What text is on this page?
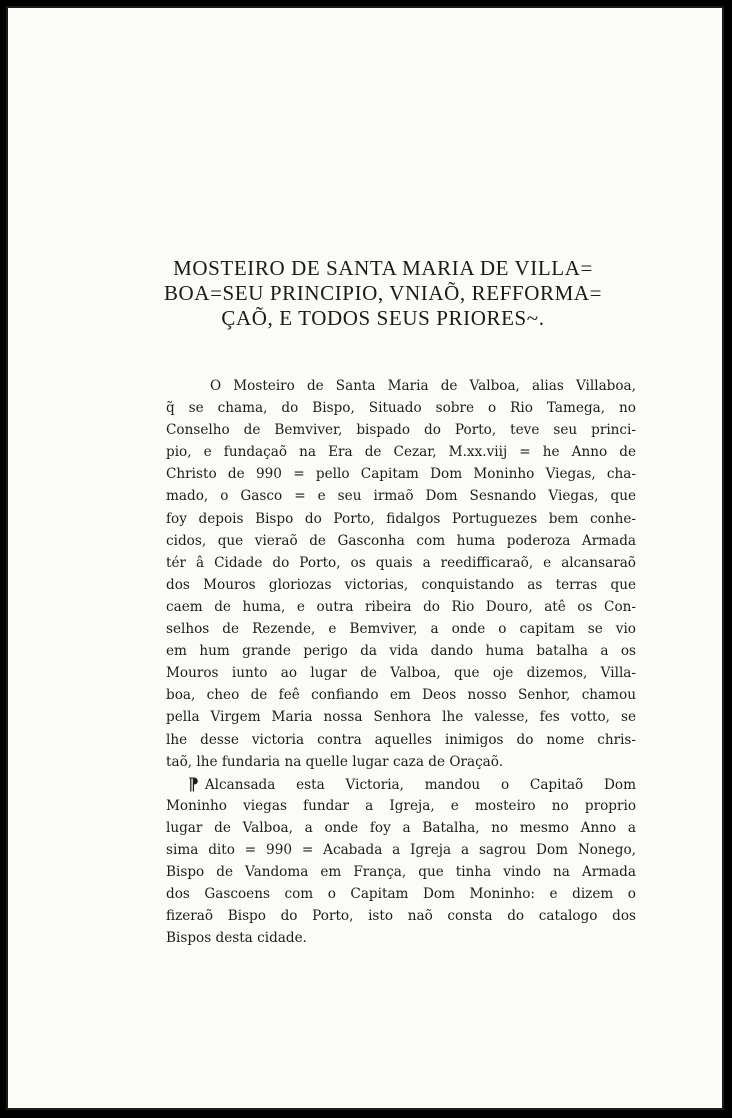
MOSTEIRO DE SANTA MARIA DE VILLA=
BOA=SEU PRINCIPIO, VNIAÕ, REFFORMA=
ÇAÕ, E TODOS SEUS PRIORES~.
O Mosteiro de Santa Maria de Valboa, alias Villaboa,
q̃ se chama, do Bispo, Situado sobre o Rio Tamega, no
Conselho de Bemviver, bispado do Porto, teve seu princi-
pio, e fundaçaõ na Era de Cezar, M.xx.viij = he Anno de
Christo de 990 = pello Capitam Dom Moninho Viegas, cha-
mado, o Gasco = e seu irmaõ Dom Sesnando Viegas, que
foy depois Bispo do Porto, fidalgos Portuguezes bem conhe-
cidos, que vieraõ de Gasconha com huma poderoza Armada
tér â Cidade do Porto, os quais a reedifficaraõ, e alcansaraõ
dos Mouros gloriozas victorias, conquistando as terras que
caem de huma, e outra ribeira do Rio Douro, atê os Con-
selhos de Rezende, e Bemviver, a onde o capitam se vio
em hum grande perigo da vida dando huma batalha a os
Mouros iunto ao lugar de Valboa, que oje dizemos, Villa-
boa, cheo de feê confiando em Deos nosso Senhor, chamou
pella Virgem Maria nossa Senhora lhe valesse, fes votto, se
lhe desse victoria contra aquelles inimigos do nome chris-
taõ, lhe fundaria na quelle lugar caza de Oraçaõ.
⁋ Alcansada esta Victoria, mandou o Capitaõ Dom
Moninho viegas fundar a Igreja, e mosteiro no proprio
lugar de Valboa, a onde foy a Batalha, no mesmo Anno a
sima dito = 990 = Acabada a Igreja a sagrou Dom Nonego,
Bispo de Vandoma em França, que tinha vindo na Armada
dos Gascoens com o Capitam Dom Moninho: e dizem o
fizeraõ Bispo do Porto, isto naõ consta do catalogo dos
Bispos desta cidade.
